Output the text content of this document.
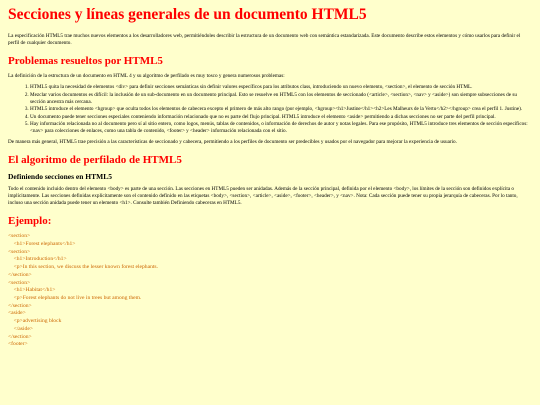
Secciones y líneas generales de un documento HTML5

La especificación HTML5 trae muchos nuevos elementos a los desarrolladores web, permitiéndoles describir la estructura de un documento web con semántica estandarizada. Este documento describe estos elementos y cómo usarlos para definir el perfil de cualquier documento.

Problemas resueltos por HTML5

La definición de la estructura de un documento en HTML 4 y su algoritmo de perfilado es muy tosco y genera numerosos problemas:

1. HTML5 quita la necesidad de elementos <div> para definir secciones semánticas sin definir valores específicos para los atributos class, introduciendo un nuevo elemento, <section>, el elemento de sección HTML.
2. Mezclar varios documentos es difícil: la inclusión de un sub-documento en un documento principal. Esto se resuelve en HTML5 con los elementos de seccionado (<article>, <section>, <nav> y <aside>) son siempre subsecciones de su sección ancestra más cercana.
3. HTML5 introduce el elemento <hgroup> que oculta todos los elementos de cabecera excepto el primero de más alto rango (por ejemplo, <hgroup><h1>Justine</h1><h2>Les Malheurs de la Vertu</h2></hgroup> crea el perfil 1. Justine).
4. Un documento puede tener secciones especiales conteniendo información relacionado que no es parte del flujo principal. HTML5 introduce el elemento <aside> permitiendo a dichas secciones no ser parte del perfil principal.
5. Hay información relacionada no al documento pero sí al sitio entero, como logos, menús, tablas de contenidos, o información de derechos de autor y notas legales. Para ese propósito, HTML5 introduce tres elementos de sección específicos: <nav> para colecciones de enlaces, como una tabla de contenido, <footer> y <header> información relacionada con el sitio.

De manera más general, HTML5 trae precisión a las características de seccionado y cabecera, permitiendo a los perfiles de documento ser predecibles y usados por el navegador para mejorar la experiencia de usuario.

El algoritmo de perfilado de HTML5
Definiendo secciones en HTML5

Todo el contenido incluido dentro del elemento <body> es parte de una sección. Las secciones en HTML5 pueden ser anidadas. Además de la sección principal, definida por el elemento <body>, los límites de la sección son definidos explícita o implícitamente. Las secciones definidas explícitamente son el contenido definido en las etiquetas <body>, <section>, <article>, <aside>, <footer>, <header>, y <nav>. Nota: Cada sección puede tener su propia jerarquía de cabeceras. Por lo tanto, incluso una sección anidada puede tener un elemento <h1>. Consulte también Definiendo cabeceras en HTML5.

Ejemplo:
<section>
<h1>Forest elephants</h1>
<section>
<h1>Introduction</h1>
<p>In this section, we discuss the lesser known forest elephants.
</section>
<section>
<h1>Habitat</h1>
<p>Forest elephants do not live in trees but among them.
</section>
<aside>
<p>advertising block
</aside>
</section>
<footer>
